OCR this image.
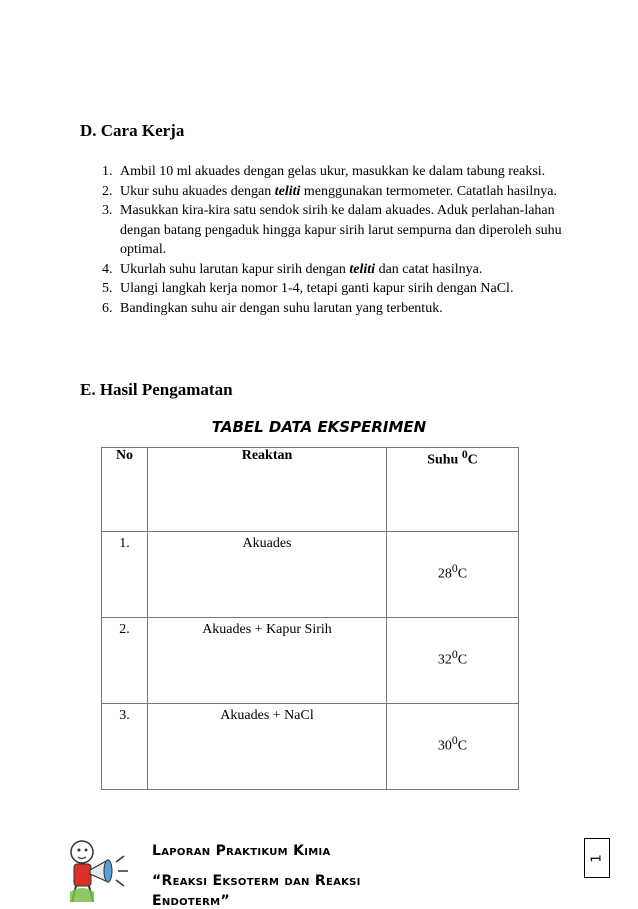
D. Cara Kerja
1. Ambil 10 ml akuades dengan gelas ukur, masukkan ke dalam tabung reaksi.
2. Ukur suhu akuades dengan teliti menggunakan termometer. Catatlah hasilnya.
3. Masukkan kira-kira satu sendok sirih ke dalam akuades. Aduk perlahan-lahan dengan batang pengaduk hingga kapur sirih larut sempurna dan diperoleh suhu optimal.
4. Ukurlah suhu larutan kapur sirih dengan teliti dan catat hasilnya.
5. Ulangi langkah kerja nomor 1-4, tetapi ganti kapur sirih dengan NaCl.
6. Bandingkan suhu air dengan suhu larutan yang terbentuk.
E. Hasil Pengamatan
TABEL DATA EKSPERIMEN
No	Reaktan	Suhu $^0$C
1.	Akuades	$28^0C$

2.	Akuades + Kapur Sirih	$32^0C$

3.	Akuades + NaCl	$30^0C$
Laporan Praktikum Kimia
“Reaksi Eksoterm dan Reaksi
Endoterm”
1
